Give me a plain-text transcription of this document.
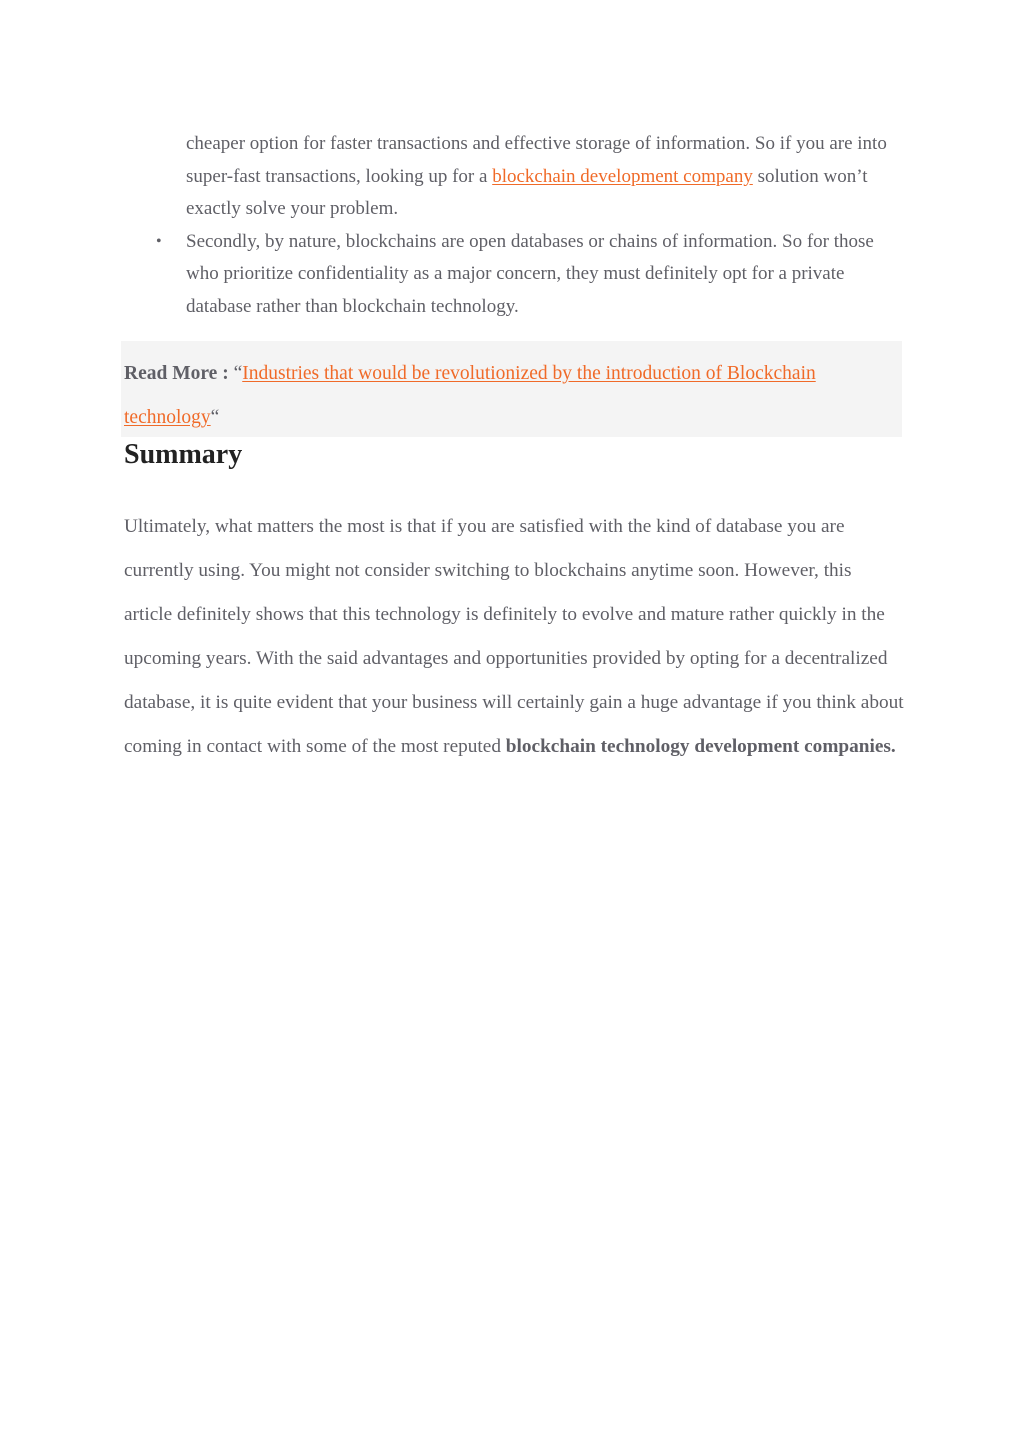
cheaper option for faster transactions and effective storage of information. So if you are into super-fast transactions, looking up for a blockchain development company solution won’t exactly solve your problem.
• Secondly, by nature, blockchains are open databases or chains of information. So for those who prioritize confidentiality as a major concern, they must definitely opt for a private database rather than blockchain technology.
Read More : “Industries that would be revolutionized by the introduction of Blockchain technology“
Summary

Ultimately, what matters the most is that if you are satisfied with the kind of database you are currently using. You might not consider switching to blockchains anytime soon. However, this article definitely shows that this technology is definitely to evolve and mature rather quickly in the upcoming years. With the said advantages and opportunities provided by opting for a decentralized database, it is quite evident that your business will certainly gain a huge advantage if you think about coming in contact with some of the most reputed blockchain technology development companies.
